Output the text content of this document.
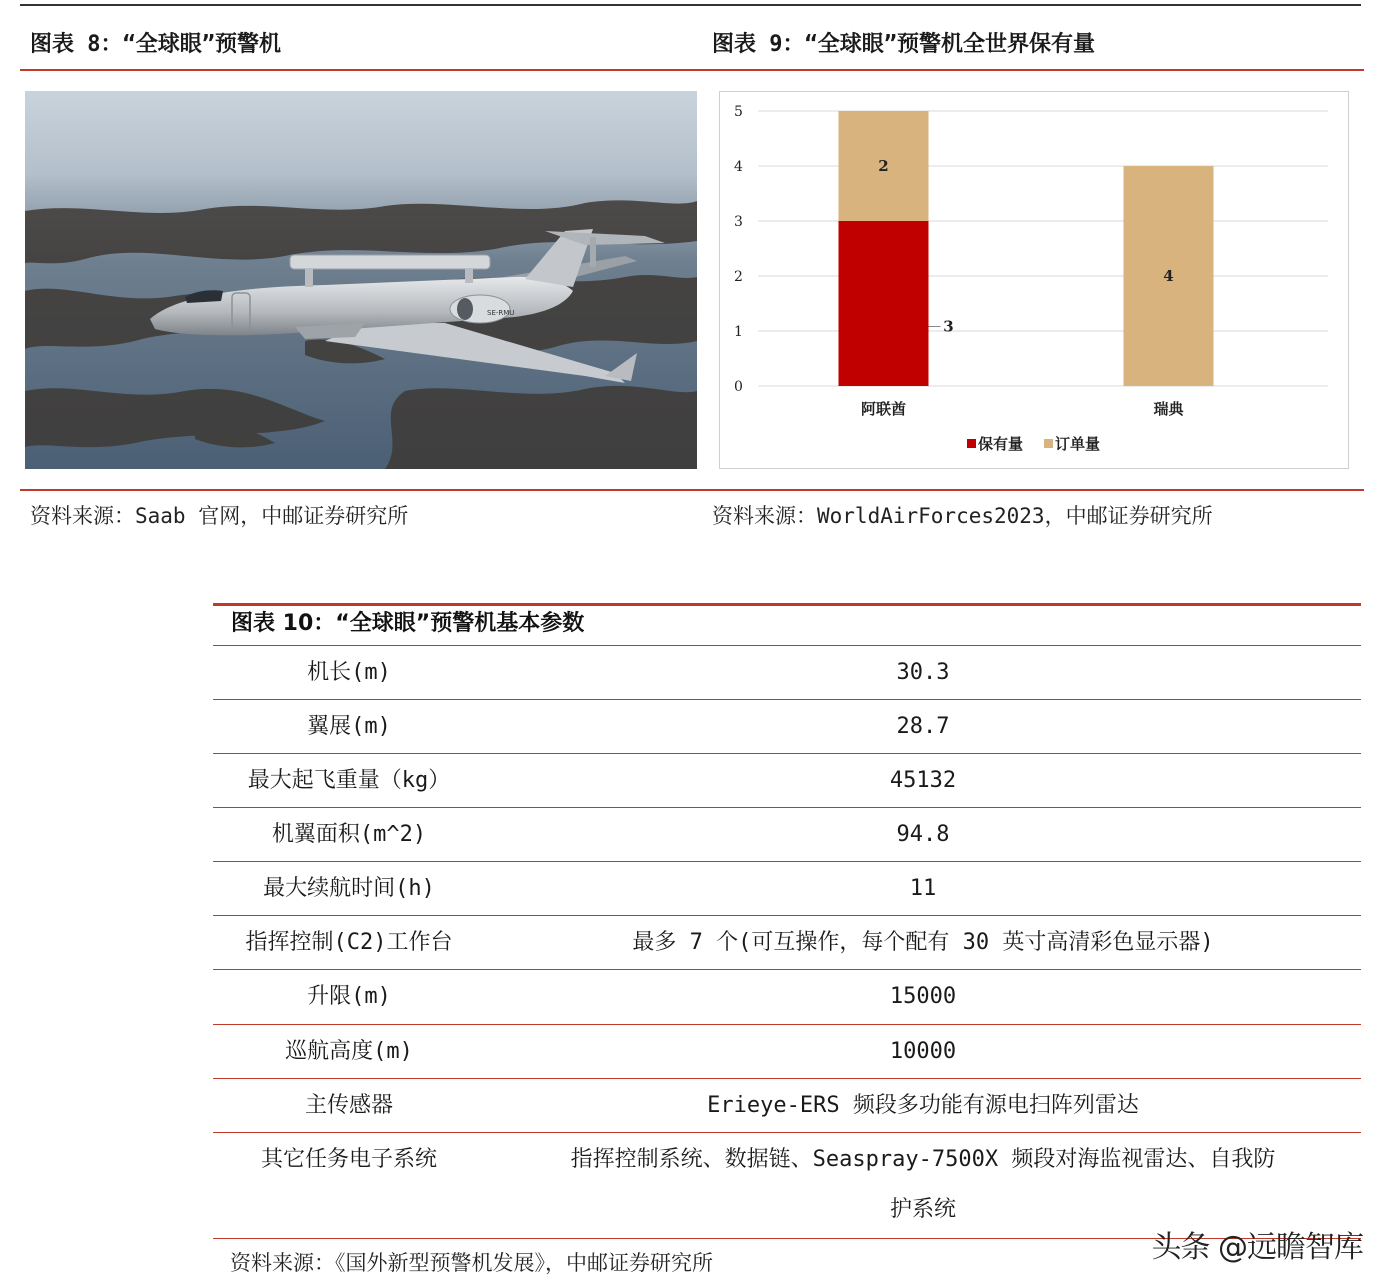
图表 8：“全球眼”预警机
SE-RMU
资料来源：Saab 官网，中邮证券研究所
图表 9：“全球眼”预警机全世界保有量
0
1
2
3
4
5
3
2
4
阿联酋	瑞典
保有量 订单量
资料来源：WorldAirForces2023，中邮证券研究所
图表 10：“全球眼”预警机基本参数
机长(m)	30.3
翼展(m)	28.7
最大起飞重量（kg）	45132
机翼面积(m^2)	94.8
最大续航时间(h)	11
指挥控制(C2)工作台	最多 7 个(可互操作，每个配有 30 英寸高清彩色显示器)
升限(m)	15000
巡航高度(m)	10000
主传感器	Erieye-ERS 频段多功能有源电扫阵列雷达
其它任务电子系统	指挥控制系统、数据链、Seaspray-7500X 频段对海监视雷达、自我防
护系统
资料来源：《国外新型预警机发展》，中邮证券研究所	头条 @远瞻智库
